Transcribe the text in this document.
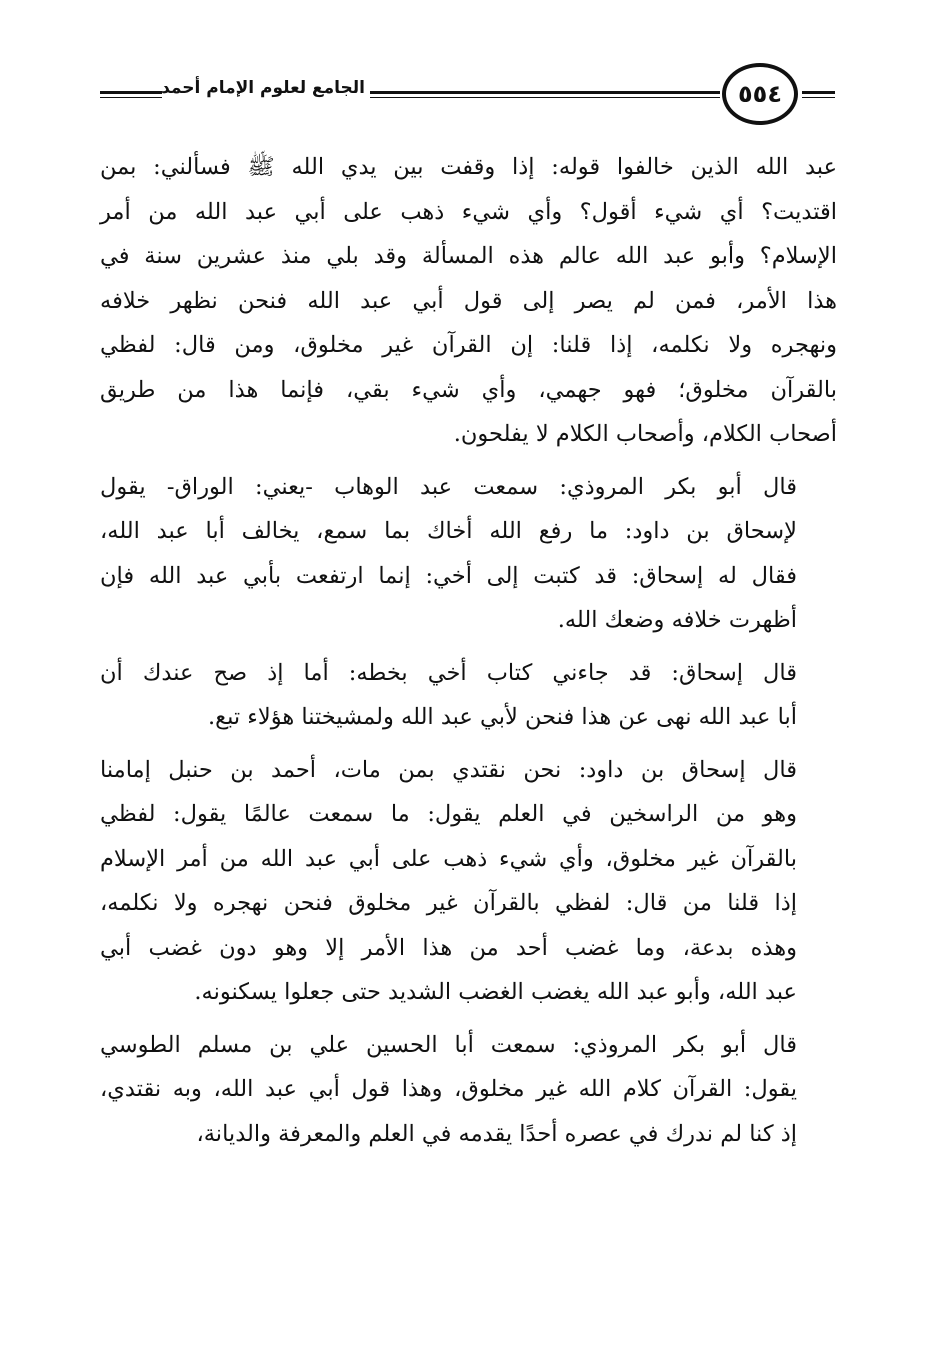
الجامع لعلوم الإمام أحمد	٥٥٤
عبد الله الذين خالفوا قوله: إذا وقفت بين يدي الله ﷺ فسألني: بمن
اقتديت؟ أي شيء أقول؟ وأي شيء ذهب على أبي عبد الله من أمر
الإسلام؟ وأبو عبد الله عالم هذه المسألة وقد بلي منذ عشرين سنة في
هذا الأمر، فمن لم يصر إلى قول أبي عبد الله فنحن نظهر خلافه
ونهجره ولا نكلمه، إذا قلنا: إن القرآن غير مخلوق، ومن قال: لفظي
بالقرآن مخلوق؛ فهو جهمي، وأي شيء بقي، فإنما هذا من طريق
أصحاب الكلام، وأصحاب الكلام لا يفلحون.
قال أبو بكر المروذي: سمعت عبد الوهاب -يعني: الوراق- يقول
لإسحاق بن داود: ما رفع الله أخاك بما سمع، يخالف أبا عبد الله،
فقال له إسحاق: قد كتبت إلى أخي: إنما ارتفعت بأبي عبد الله فإن
أظهرت خلافه وضعك الله.
قال إسحاق: قد جاءني كتاب أخي بخطه: أما إذ صح عندك أن
أبا عبد الله نهى عن هذا فنحن لأبي عبد الله ولمشيختنا هؤلاء تبع.
قال إسحاق بن داود: نحن نقتدي بمن مات، أحمد بن حنبل إمامنا
وهو من الراسخين في العلم يقول: ما سمعت عالمًا يقول: لفظي
بالقرآن غير مخلوق، وأي شيء ذهب على أبي عبد الله من أمر الإسلام
إذا قلنا من قال: لفظي بالقرآن غير مخلوق فنحن نهجره ولا نكلمه،
وهذه بدعة، وما غضب أحد من هذا الأمر إلا وهو دون غضب أبي
عبد الله، وأبو عبد الله يغضب الغضب الشديد حتى جعلوا يسكنونه.
قال أبو بكر المروذي: سمعت أبا الحسين علي بن مسلم الطوسي
يقول: القرآن كلام الله غير مخلوق، وهذا قول أبي عبد الله، وبه نقتدي،
إذ كنا لم ندرك في عصره أحدًا يقدمه في العلم والمعرفة والديانة،
